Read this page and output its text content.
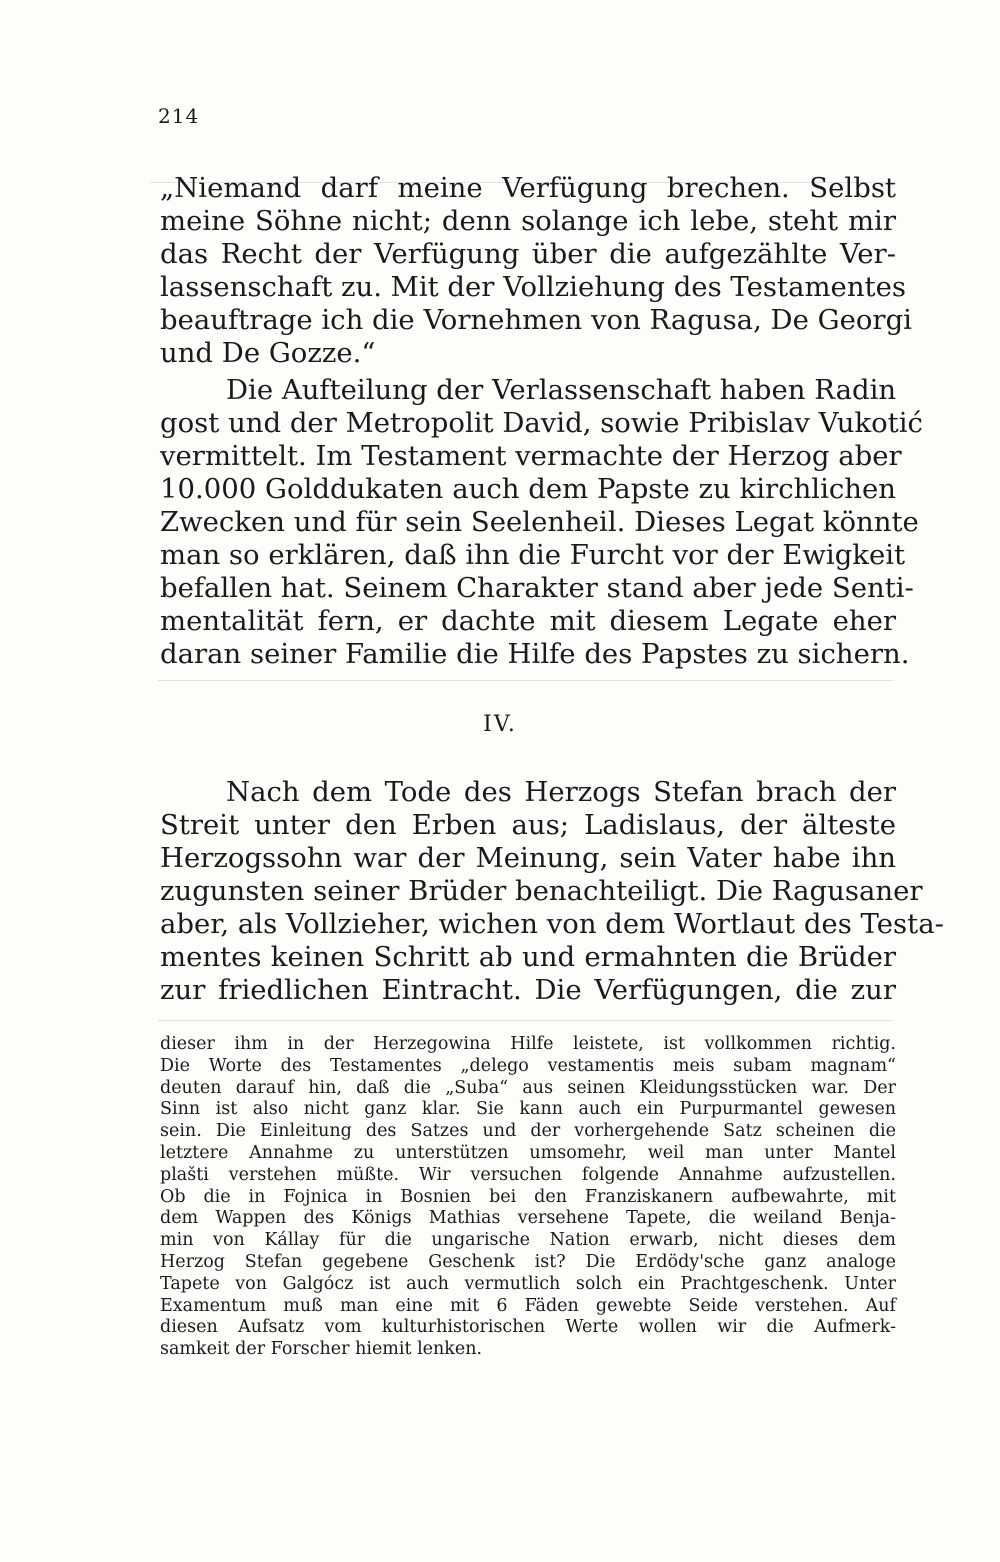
214
„Niemand darf meine Verfügung brechen. Selbst
meine Söhne nicht; denn solange ich lebe, steht mir
das Recht der Verfügung über die aufgezählte Ver-
lassenschaft zu. Mit der Vollziehung des Testamentes
beauftrage ich die Vornehmen von Ragusa, De Georgi
und De Gozze.“
Die Aufteilung der Verlassenschaft haben Radin
gost und der Metropolit David, sowie Pribislav Vukotić
vermittelt. Im Testament vermachte der Herzog aber
10.000 Golddukaten auch dem Papste zu kirchlichen
Zwecken und für sein Seelenheil. Dieses Legat könnte
man so erklären, daß ihn die Furcht vor der Ewigkeit
befallen hat. Seinem Charakter stand aber jede Senti-
mentalität fern, er dachte mit diesem Legate eher
daran seiner Familie die Hilfe des Papstes zu sichern.
IV.
Nach dem Tode des Herzogs Stefan brach der
Streit unter den Erben aus; Ladislaus, der älteste
Herzogssohn war der Meinung, sein Vater habe ihn
zugunsten seiner Brüder benachteiligt. Die Ragusaner
aber, als Vollzieher, wichen von dem Wortlaut des Testa-
mentes keinen Schritt ab und ermahnten die Brüder
zur friedlichen Eintracht. Die Verfügungen, die zur
dieser ihm in der Herzegowina Hilfe leistete, ist vollkommen richtig.
Die Worte des Testamentes „delego vestamentis meis subam magnam“
deuten darauf hin, daß die „Suba“ aus seinen Kleidungsstücken war. Der
Sinn ist also nicht ganz klar. Sie kann auch ein Purpurmantel gewesen
sein. Die Einleitung des Satzes und der vorhergehende Satz scheinen die
letztere Annahme zu unterstützen umsomehr, weil man unter Mantel
plašti verstehen müßte. Wir versuchen folgende Annahme aufzustellen.
Ob die in Fojnica in Bosnien bei den Franziskanern aufbewahrte, mit
dem Wappen des Königs Mathias versehene Tapete, die weiland Benja-
min von Kállay für die ungarische Nation erwarb, nicht dieses dem
Herzog Stefan gegebene Geschenk ist? Die Erdödy'sche ganz analoge
Tapete von Galgócz ist auch vermutlich solch ein Prachtgeschenk. Unter
Examentum muß man eine mit 6 Fäden gewebte Seide verstehen. Auf
diesen Aufsatz vom kulturhistorischen Werte wollen wir die Aufmerk-
samkeit der Forscher hiemit lenken.
